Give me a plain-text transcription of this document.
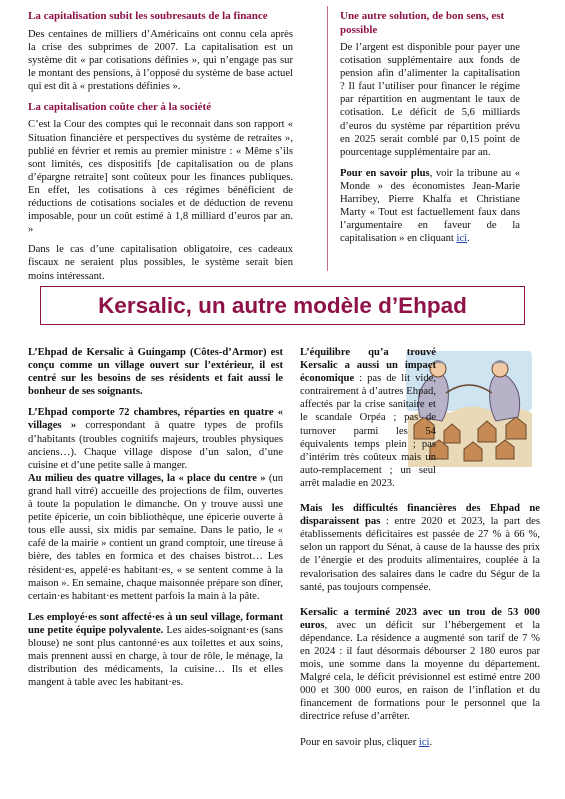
La capitalisation subit les soubresauts de la finance

Des centaines de milliers d’Américains ont connu cela après la crise des subprimes de 2007. La capitalisation est un système dit « par cotisations définies », qui n’engage pas sur le montant des pensions, à l’opposé du système de base actuel qui est dit à « prestations définies ».

La capitalisation coûte cher à la société

C’est la Cour des comptes qui le reconnait dans son rapport « Situation financière et perspectives du système de retraites », publié en février et remis au premier ministre : « Même s’ils sont limités, ces dispositifs [de capitalisation ou de plans d’épargne retraite] sont coûteux pour les finances publiques. En effet, les cotisations à ces régimes bénéficient de réductions de cotisations sociales et de déduction de revenu imposable, pour un coût estimé à 1,8 milliard d’euros par an. »

Dans le cas d’une capitalisation obligatoire, ces cadeaux fiscaux ne seraient plus possibles, le système serait bien moins intéressant.

Une autre solution, de bon sens, est possible

De l’argent est disponible pour payer une cotisation supplémentaire aux fonds de pension afin d’alimenter la capitalisation ? Il faut l’utiliser pour financer le régime par répartition en augmentant le taux de cotisation. Le déficit de 5,6 milliards d’euros du système par répartition prévu en 2025 serait comblé par 0,15 point de pourcentage supplémentaire par an.

Pour en savoir plus, voir la tribune au « Monde » des économistes Jean-Marie Harribey, Pierre Khalfa et Christiane Marty « Tout est factuellement faux dans l’argumentaire en faveur de la capitalisation » en cliquant ici.

Kersalic, un autre modèle d’Ehpad

L’Ehpad de Kersalic à Guingamp (Côtes-d’Armor) est conçu comme un village ouvert sur l’extérieur, il est centré sur les besoins de ses résidents et fait aussi le bonheur de ses soignants.

L’Ehpad comporte 72 chambres, réparties en quatre « villages » correspondant à quatre types de profils d’habitants (troubles cognitifs majeurs, troubles physiques anciens…). Chaque village dispose d’un salon, d’une cuisine et d’une petite salle à manger.

Au milieu des quatre villages, la « place du centre » (un grand hall vitré) accueille des projections de film, ouvertes à toute la population le dimanche. On y trouve aussi une petite épicerie, un coin bibliothèque, une épicerie ouverte à tous elle aussi, six midis par semaine. Dans le patio, le « café de la mairie » contient un grand comptoir, une tireuse à bière, des tables en formica et des chaises bistrot… Les résident·es, appelé·es habitant·es, « se sentent comme à la maison ». En semaine, chaque maisonnée prépare son dîner, certain·es habitant·es mettent parfois la main à la pâte.

Les employé·es sont affecté·es à un seul village, formant une petite équipe polyvalente. Les aides-soignant·es (sans blouse) ne sont plus cantonné·es aux toilettes et aux soins, mais prennent aussi en charge, à tour de rôle, le ménage, la distribution des médicaments, la cuisine… Ils et elles mangent à table avec les habitant·es.

L’équilibre qu’a trouvé Kersalic a aussi un impact économique : pas de lit vide, contrairement à d’autres Ehpad, affectés par la crise sanitaire et le scandale Orpéa ; pas de turnover parmi les 54 équivalents temps plein ; pas d’intérim très coûteux mais un auto-remplacement ; un seul arrêt maladie en 2023.

Mais les difficultés financières des Ehpad ne disparaissent pas : entre 2020 et 2023, la part des établissements déficitaires est passée de 27 % à 66 %, selon un rapport du Sénat, à cause de la hausse des prix de l’énergie et des produits alimentaires, couplée à la revalorisation des salaires dans le cadre du Ségur de la santé, pas toujours compensée.

Kersalic a terminé 2023 avec un trou de 53 000 euros, avec un déficit sur l’hébergement et la dépendance. La résidence a augmenté son tarif de 7 % en 2024 : il faut désormais débourser 2 180 euros par mois, une somme dans la moyenne du département. Malgré cela, le déficit prévisionnel est estimé entre 200 000 et 300 000 euros, en raison de l’inflation et du financement de formations pour le personnel que la directrice refuse d’arrêter.

Pour en savoir plus, cliquer ici.
